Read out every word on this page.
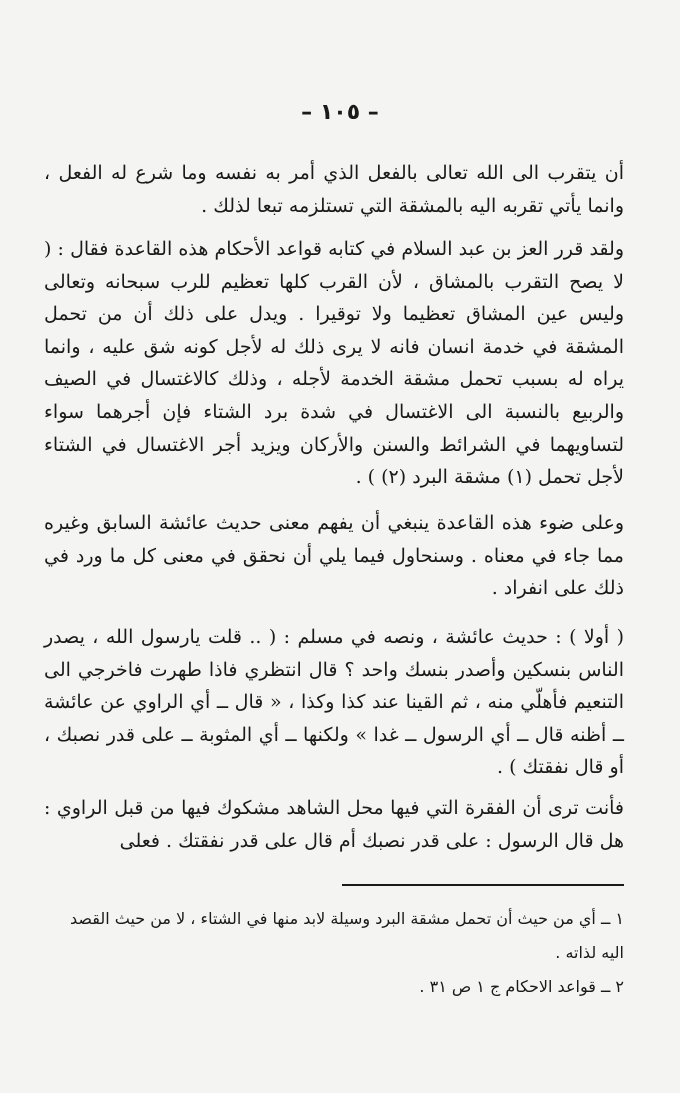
– ١٠٥ –

أن يتقرب الى الله تعالى بالفعل الذي أمر به نفسه وما شرع له الفعل ، وانما يأتي تقربه اليه بالمشقة التي تستلزمه تبعا لذلك .

ولقد قرر العز بن عبد السلام في كتابه قواعد الأحكام هذه القاعدة فقال : ( لا يصح التقرب بالمشاق ، لأن القرب كلها تعظيم للرب سبحانه وتعالى وليس عين المشاق تعظيما ولا توقيرا . ويدل على ذلك أن من تحمل المشقة في خدمة انسان فانه لا يرى ذلك له لأجل كونه شق عليه ، وانما يراه له بسبب تحمل مشقة الخدمة لأجله ، وذلك كالاغتسال في الصيف والربيع بالنسبة الى الاغتسال في شدة برد الشتاء فإن أجرهما سواء لتساويهما في الشرائط والسنن والأركان ويزيد أجر الاغتسال في الشتاء لأجل تحمل (١) مشقة البرد (٢) ) .

وعلى ضوء هذه القاعدة ينبغي أن يفهم معنى حديث عائشة السابق وغيره مما جاء في معناه . وسنحاول فيما يلي أن نحقق في معنى كل ما ورد في ذلك على انفراد .

( أولا ) : حديث عائشة ، ونصه في مسلم : ( .. قلت يارسول الله ، يصدر الناس بنسكين وأصدر بنسك واحد ؟ قال انتظري فاذا طهرت فاخرجي الى التنعيم فأهلّي منه ، ثم القينا عند كذا وكذا ، « قال ــ أي الراوي عن عائشة ــ أظنه قال ــ أي الرسول ــ غدا » ولكنها ــ أي المثوبة ــ على قدر نصبك ، أو قال نفقتك ) .

فأنت ترى أن الفقرة التي فيها محل الشاهد مشكوك فيها من قبل الراوي : هل قال الرسول : على قدر نصبك أم قال على قدر نفقتك . فعلى

١ ــ أي من حيث أن تحمل مشقة البرد وسيلة لابد منها في الشتاء ، لا من حيث القصد اليه لذاته .

٢ ــ قواعد الاحكام ج ١ ص ٣١ .
